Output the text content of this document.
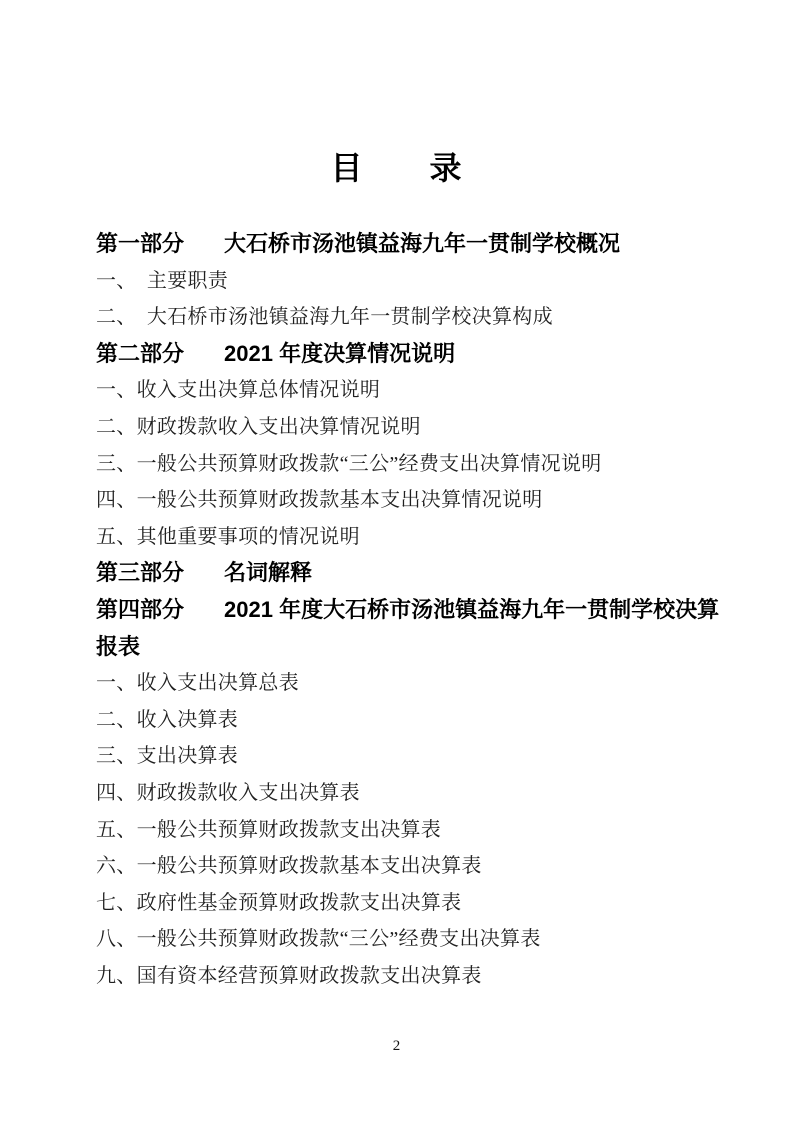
目　　录
第一部分 大石桥市汤池镇益海九年一贯制学校概况
一、　主要职责
二、　大石桥市汤池镇益海九年一贯制学校决算构成
第二部分 2021 年度决算情况说明
一、收入支出决算总体情况说明
二、财政拨款收入支出决算情况说明
三、一般公共预算财政拨款“三公”经费支出决算情况说明
四、一般公共预算财政拨款基本支出决算情况说明
五、其他重要事项的情况说明
第三部分 名词解释
第四部分 2021 年度大石桥市汤池镇益海九年一贯制学校决算报表
一、收入支出决算总表
二、收入决算表
三、支出决算表
四、财政拨款收入支出决算表
五、一般公共预算财政拨款支出决算表
六、一般公共预算财政拨款基本支出决算表
七、政府性基金预算财政拨款支出决算表
八、一般公共预算财政拨款“三公”经费支出决算表
九、国有资本经营预算财政拨款支出决算表
2
